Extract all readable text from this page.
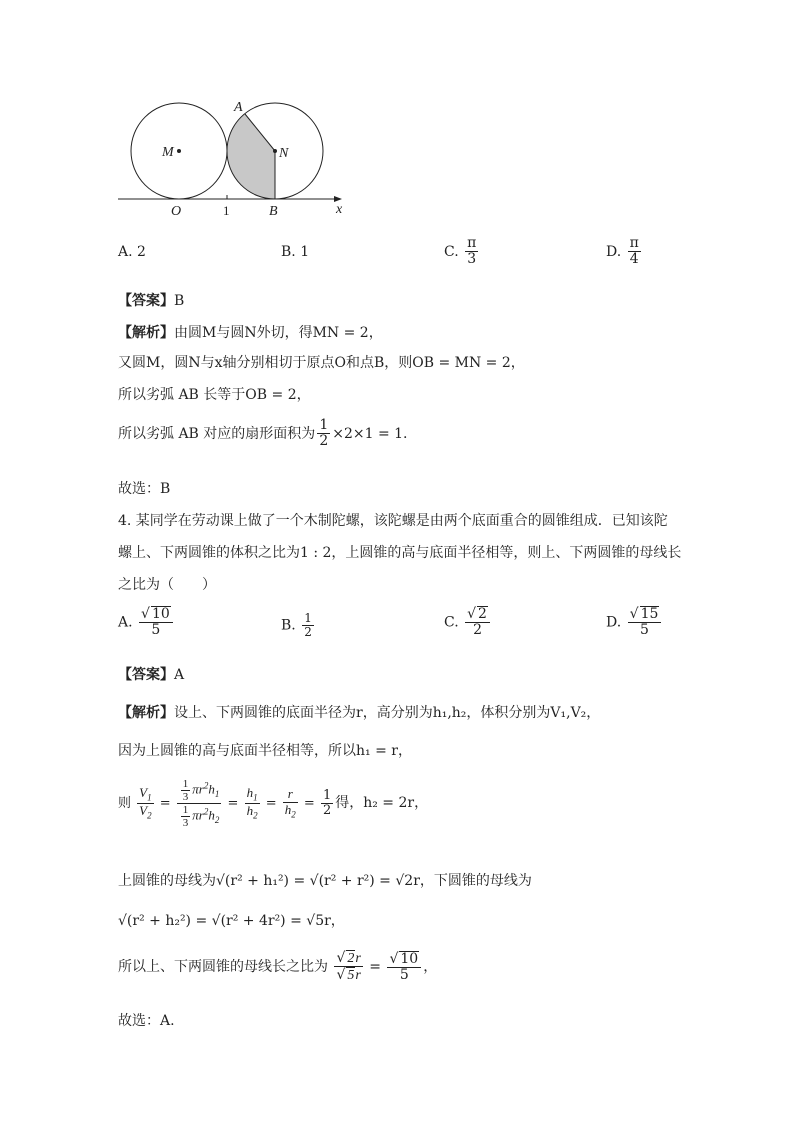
M
A
N
O	1	B	x
A. 2	B. 1	C. $\frac{\pi}{3}$	D. $\frac{\pi}{4}$
【答案】B
【解析】由圆M与圆N外切，得MN = 2，
又圆M，圆N与x轴分别相切于原点O和点B，则OB = MN = 2，
所以劣弧 AB 长等于OB = 2，
所以劣弧 AB 对应的扇形面积为 $\frac{1}{2} \times 2\times 1 = 1$.
故选：B
4. 某同学在劳动课上做了一个木制陀螺，该陀螺是由两个底面重合的圆锥组成．已知该陀
螺上、下两圆锥的体积之比为1 : 2，上圆锥的高与底面半径相等，则上、下两圆锥的母线长
之比为（　　）
A. $\frac{√ 10}{5}$	B. $\frac{1}{2}$	C. $\frac{√ 2}{2}$	D. $\frac{√ 15}{5}$
【答案】A
【解析】设上、下两圆锥的底面半径为r，高分别为h₁,h₂，体积分别为V₁,V₂，
因为上圆锥的高与底面半径相等，所以h₁ = r，
则 $\frac{V_1}{V_2} = \frac{\frac{1}{3} \pi r^2h_1}{\frac{1}{3} \pi r^2h_2} = \frac{h_1}{h_2} = \frac{r}{h_2} = \frac{1}{2}$ 得，h₂ = 2r，
上圆锥的母线为√(r² + h₁²) = √(r² + r²) = √2r，下圆锥的母线为
√(r² + h₂²) = √(r² + 4r²) = √5r，
所以上、下两圆锥的母线长之比为 $\frac{√ 2r}{√ 5r} = \frac{√ 10}{5}$ ，
故选：A.
